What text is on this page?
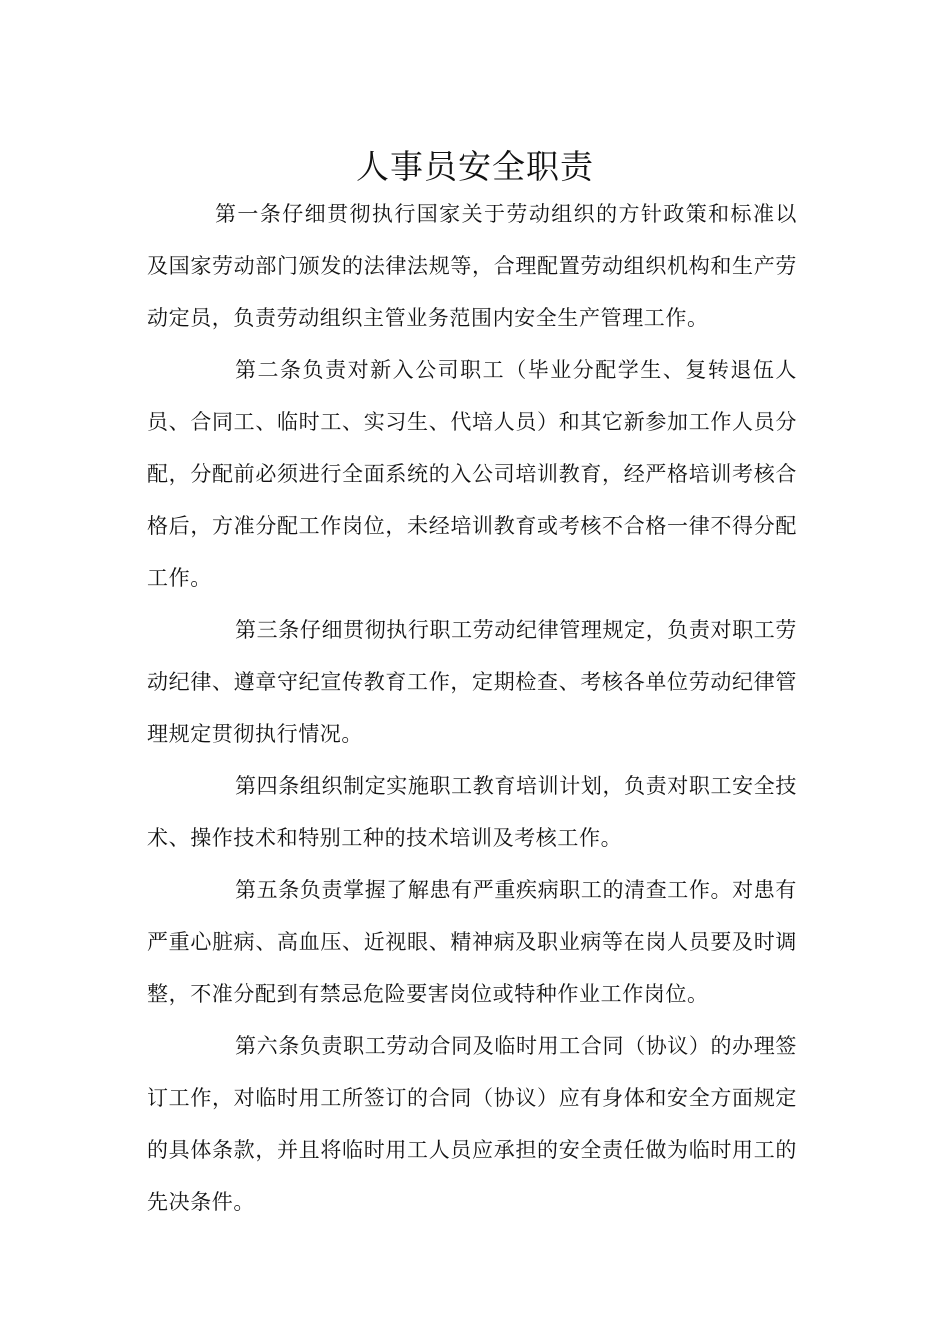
人事员安全职责

第一条仔细贯彻执行国家关于劳动组织的方针政策和标准以及国家劳动部门颁发的法律法规等，合理配置劳动组织机构和生产劳动定员，负责劳动组织主管业务范围内安全生产管理工作。

第二条负责对新入公司职工（毕业分配学生、复转退伍人员、合同工、临时工、实习生、代培人员）和其它新参加工作人员分配，分配前必须进行全面系统的入公司培训教育，经严格培训考核合格后，方准分配工作岗位，未经培训教育或考核不合格一律不得分配工作。

第三条仔细贯彻执行职工劳动纪律管理规定，负责对职工劳动纪律、遵章守纪宣传教育工作，定期检查、考核各单位劳动纪律管理规定贯彻执行情况。

第四条组织制定实施职工教育培训计划，负责对职工安全技术、操作技术和特别工种的技术培训及考核工作。

第五条负责掌握了解患有严重疾病职工的清查工作。对患有严重心脏病、高血压、近视眼、精神病及职业病等在岗人员要及时调整，不准分配到有禁忌危险要害岗位或特种作业工作岗位。

第六条负责职工劳动合同及临时用工合同（协议）的办理签订工作，对临时用工所签订的合同（协议）应有身体和安全方面规定的具体条款，并且将临时用工人员应承担的安全责任做为临时用工的先决条件。
